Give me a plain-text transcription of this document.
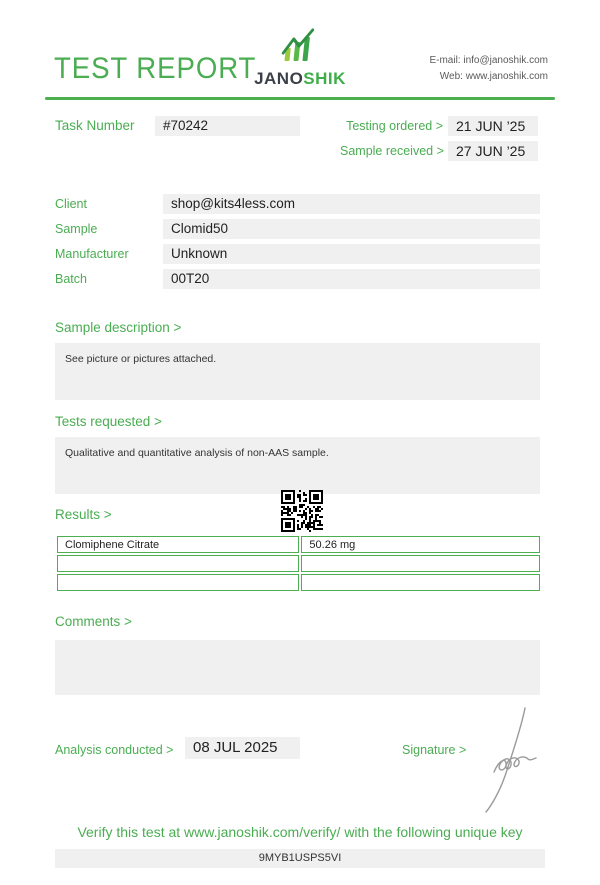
TEST REPORT
JANOSHIK
E-mail: info@janoshik.com
Web: www.janoshik.com
Task Number	#70242	Testing ordered > 21 JUN ’25
Sample received > 27 JUN ’25
Client	shop@kits4less.com
Sample	Clomid50
Manufacturer	Unknown
Batch	00T20
Sample description >
See picture or pictures attached.
Tests requested >
Qualitative and quantitative analysis of non-AAS sample.
Results >
Clomiphene Citrate	50.26 mg

Comments >
Analysis conducted >	08 JUL 2025	Signature >
Verify this test at www.janoshik.com/verify/ with the following unique key
9MYB1USPS5VI
